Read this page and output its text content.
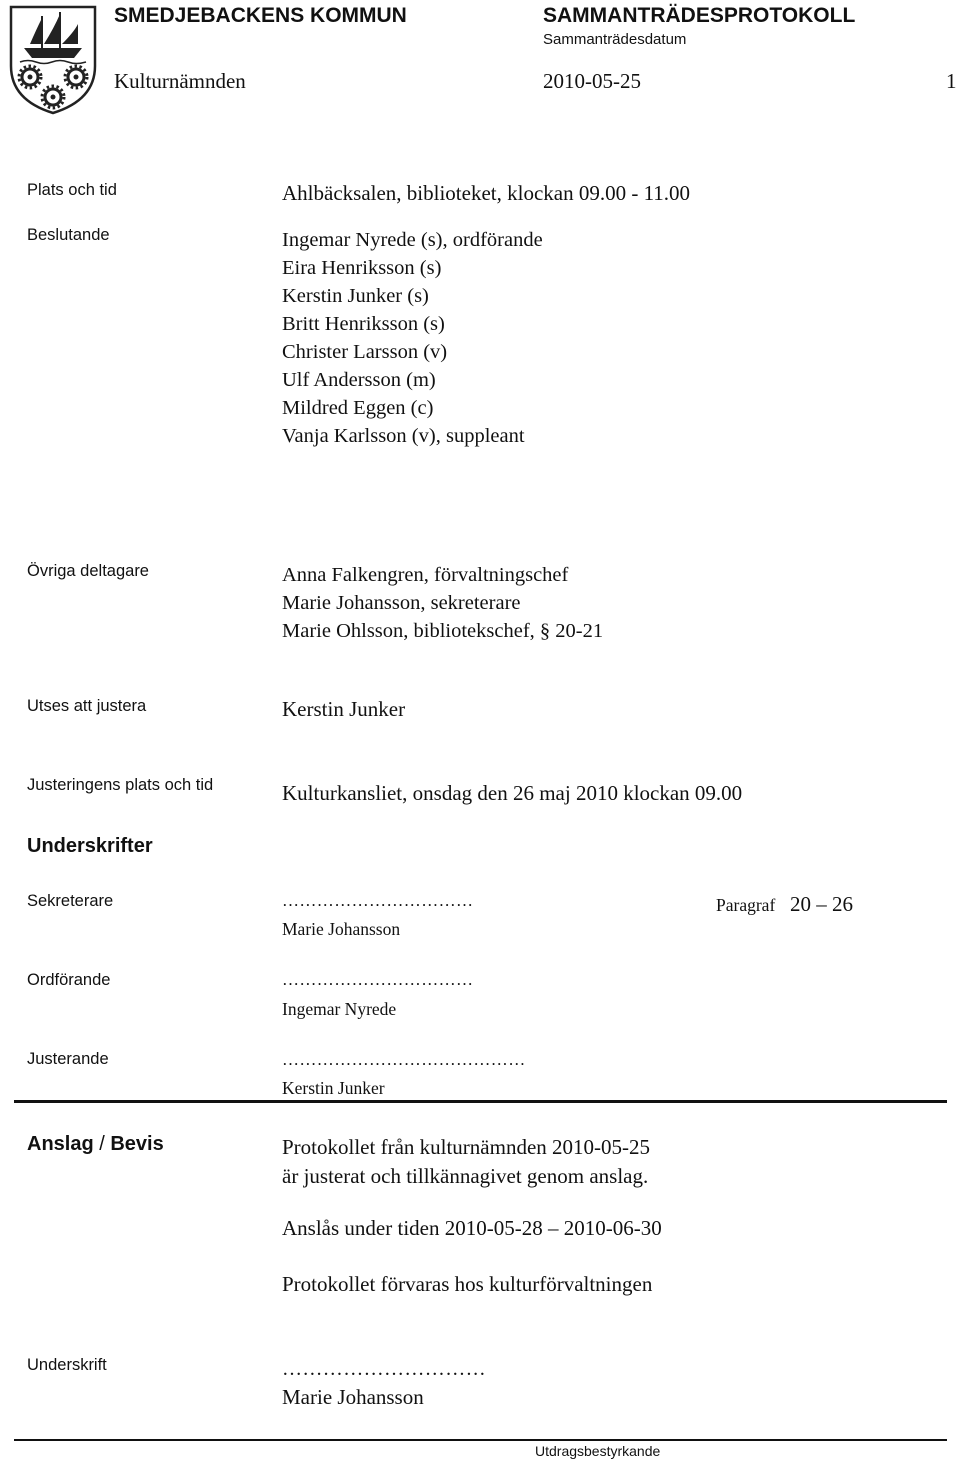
SMEDJEBACKENS KOMMUN	SAMMANTRÄDESPROTOKOLL
Sammanträdesdatum
Kulturnämnden	2010-05-25	1
Plats och tid	Ahlbäcksalen, biblioteket, klockan 09.00 - 11.00
Beslutande	Ingemar Nyrede (s), ordförande
Eira Henriksson (s)
Kerstin Junker (s)
Britt Henriksson (s)
Christer Larsson (v)
Ulf Andersson (m)
Mildred Eggen (c)
Vanja Karlsson (v), suppleant
Övriga deltagare	Anna Falkengren, förvaltningschef
Marie Johansson, sekreterare
Marie Ohlsson, bibliotekschef, § 20-21
Utses att justera	Kerstin Junker
Justeringens plats och tid	Kulturkansliet, onsdag den 26 maj 2010 klockan 09.00
Underskrifter
Sekreterare	……………………………
Marie Johansson
Paragraf 20 – 26
Ordförande	……………………………
Ingemar Nyrede
Justerande	……………………………………
Kerstin Junker
Anslag / Bevis	Protokollet från kulturnämnden 2010-05-25
är justerat och tillkännagivet genom anslag.
Anslås under tiden 2010-05-28 – 2010-06-30
Protokollet förvaras hos kulturförvaltningen
Underskrift	…………………………
Marie Johansson
Utdragsbestyrkande
